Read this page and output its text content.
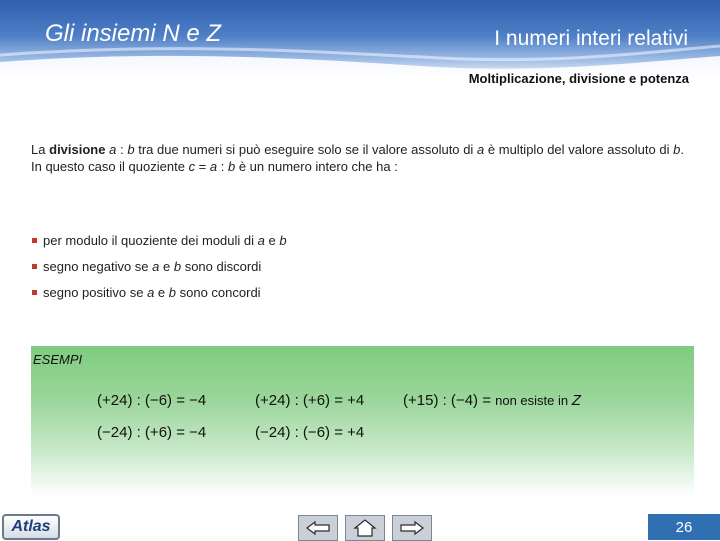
Gli insiemi N e Z	I numeri interi relativi
Moltiplicazione, divisione e potenza
La divisione a : b tra due numeri si può eseguire solo se il valore assoluto di a è multiplo del valore assoluto di b. In questo caso il quoziente c = a : b è un numero intero che ha :
per modulo il quoziente dei moduli di a e b
segno negativo se a e b sono discordi
segno positivo se a e b sono concordi
ESEMPI
(+24) : (−6) = −4	(+24) : (+6) = +4	(+15) : (−4) = non esiste in Z
(−24) : (+6) = −4	(−24) : (−6) = +4
Atlas	26
